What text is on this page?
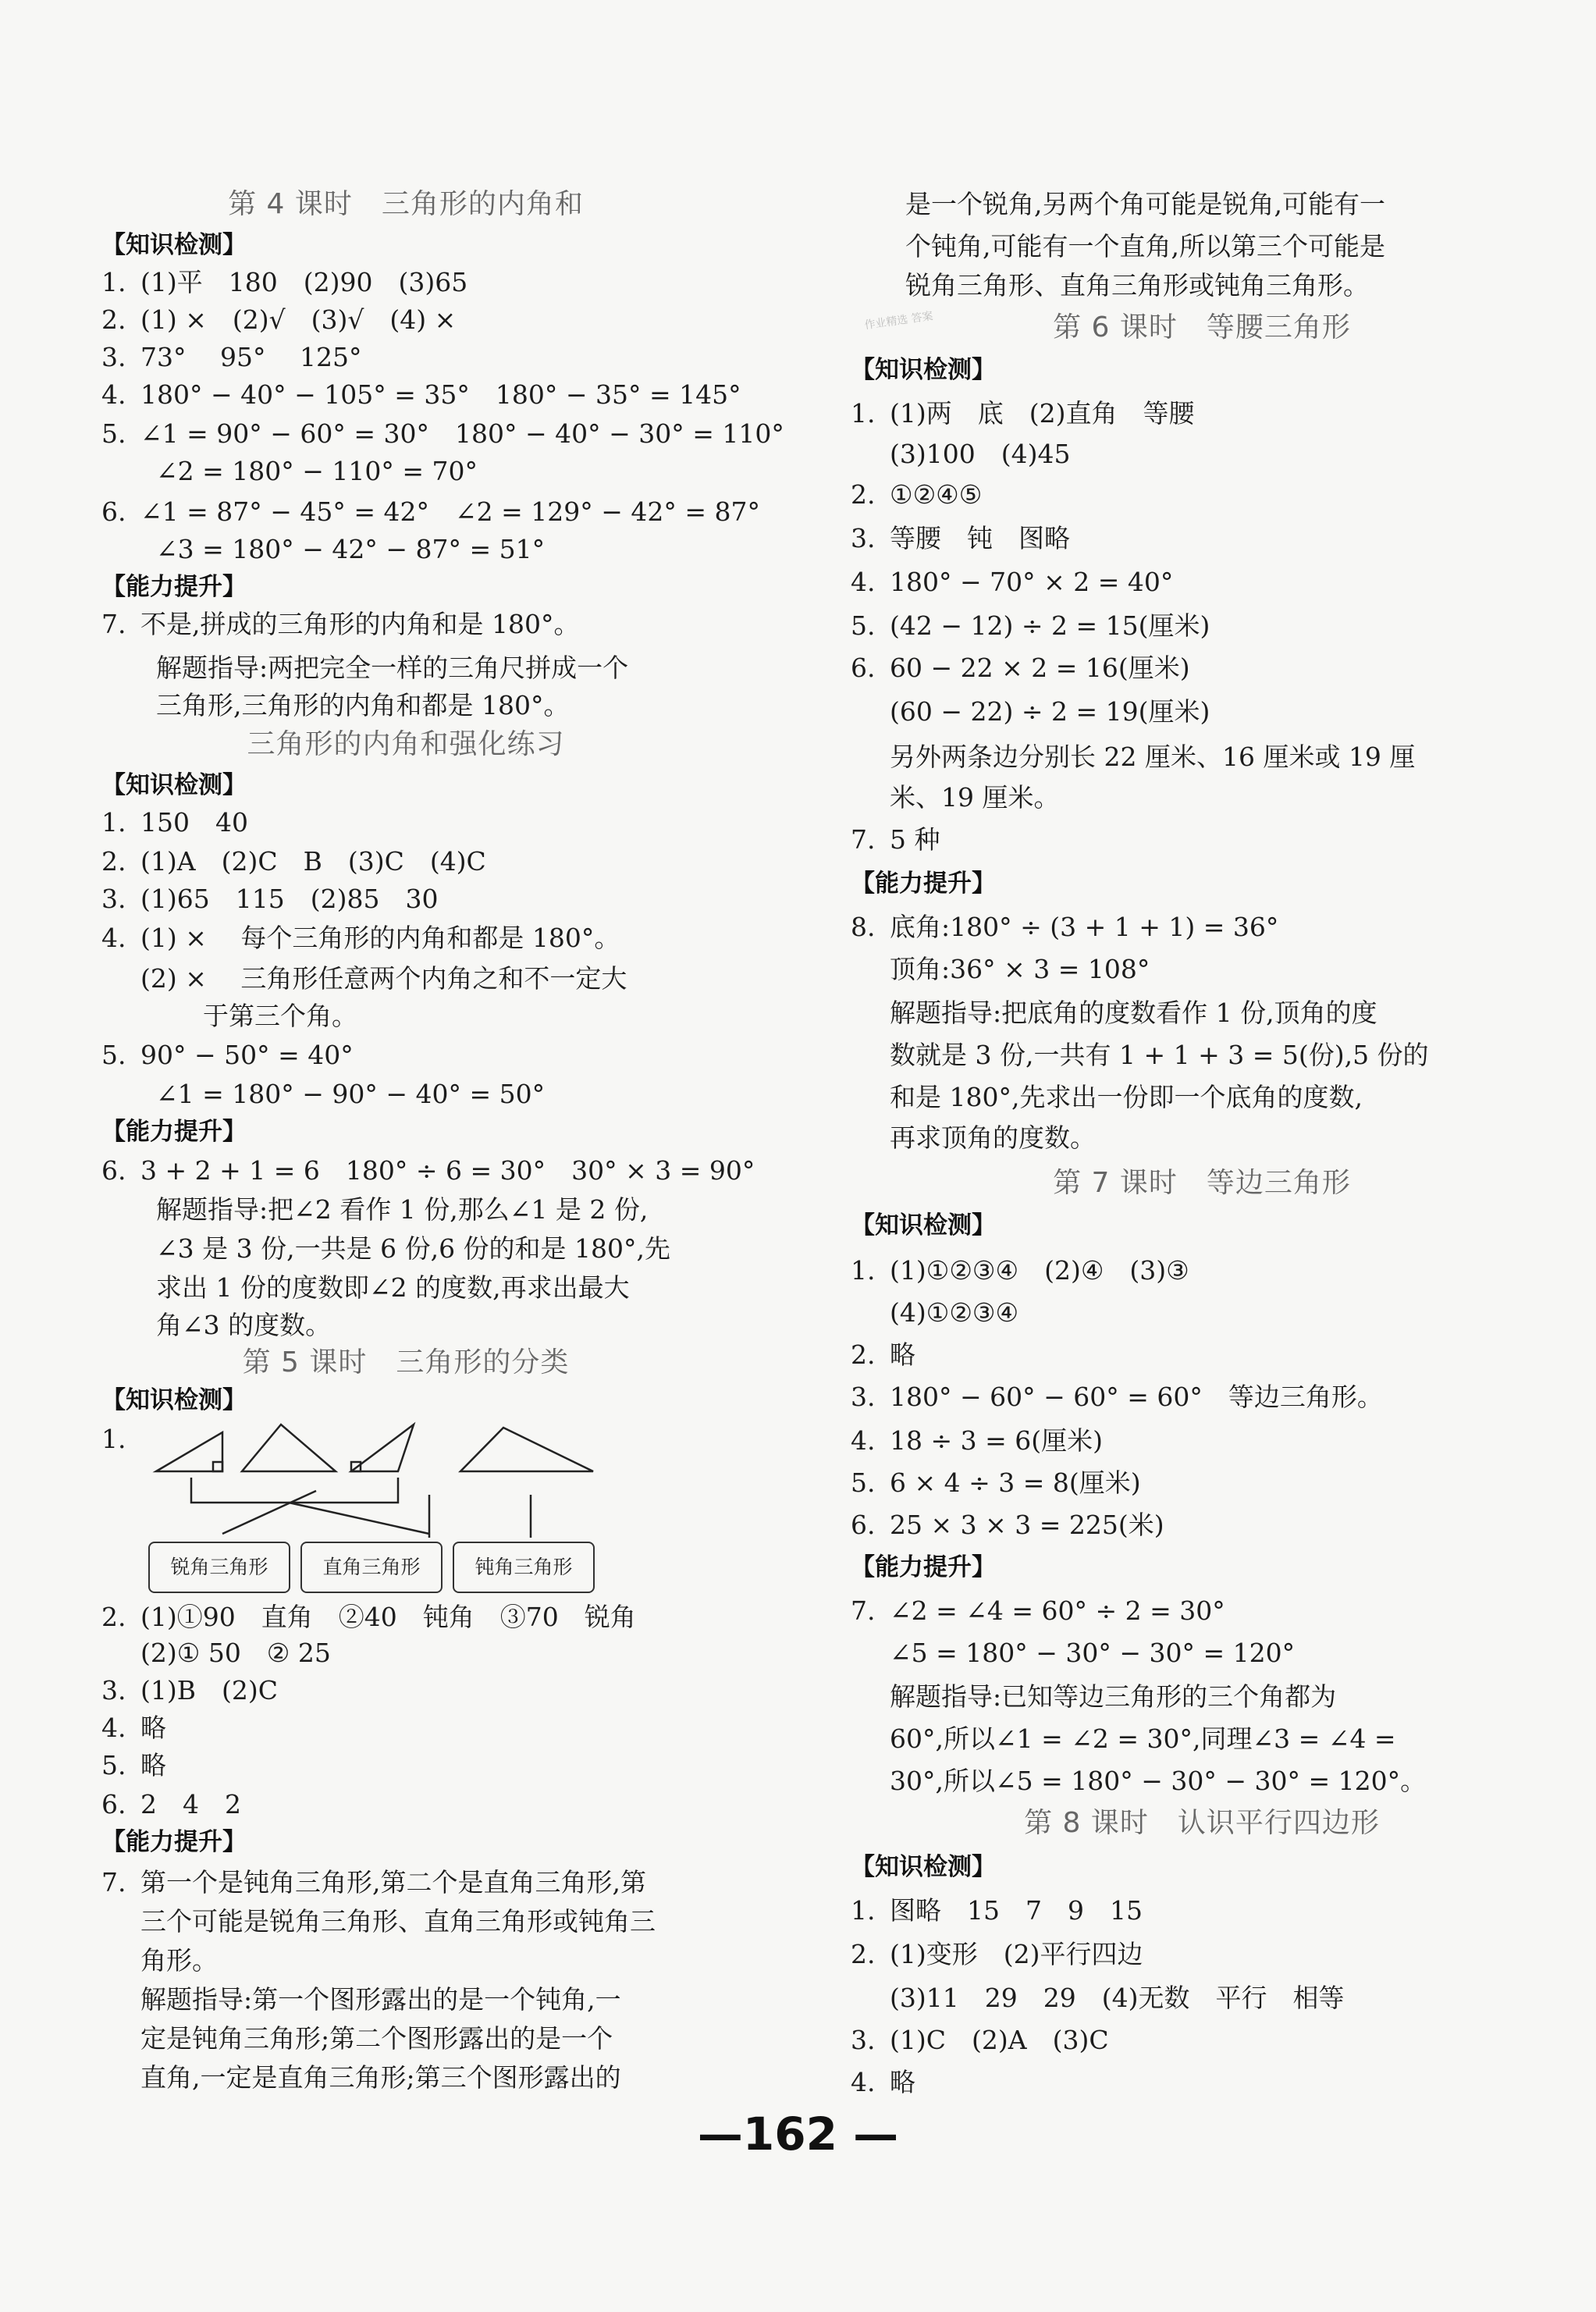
第 4 课时　三角形的内角和
【知识检测】
1. (1)平　180　(2)90　(3)65
2. (1) ×　(2)√　(3)√　(4) ×
3. 73°　 95°　 125°
4. 180° − 40° − 105° = 35°　180° − 35° = 145°
5. ∠1 = 90° − 60° = 30°　180° − 40° − 30° = 110°
∠2 = 180° − 110° = 70°
6. ∠1 = 87° − 45° = 42°　∠2 = 129° − 42° = 87°
∠3 = 180° − 42° − 87° = 51°
【能力提升】
7. 不是,拼成的三角形的内角和是 180°。
解题指导:两把完全一样的三角尺拼成一个
三角形,三角形的内角和都是 180°。
三角形的内角和强化练习
【知识检测】
1. 150　40
2. (1)A　(2)C　B　(3)C　(4)C
3. (1)65　115　(2)85　30
4. (1) ×　 每个三角形的内角和都是 180°。
(2) ×　 三角形任意两个内角之和不一定大
于第三个角。
5. 90° − 50° = 40°
∠1 = 180° − 90° − 40° = 50°
【能力提升】
6. 3 + 2 + 1 = 6　180° ÷ 6 = 30°　30° × 3 = 90°
解题指导:把∠2 看作 1 份,那么∠1 是 2 份,
∠3 是 3 份,一共是 6 份,6 份的和是 180°,先
求出 1 份的度数即∠2 的度数,再求出最大
角∠3 的度数。
第 5 课时　三角形的分类
【知识检测】
1.
锐角三角形	直角三角形	钝角三角形
2. (1)①90　直角　②40　钝角　③70　锐角
(2)① 50　② 25
3. (1)B　(2)C
4. 略
5. 略
6. 2　4　2
【能力提升】
7. 第一个是钝角三角形,第二个是直角三角形,第
三个可能是锐角三角形、直角三角形或钝角三
角形。
解题指导:第一个图形露出的是一个钝角,一
定是钝角三角形;第二个图形露出的是一个
直角,一定是直角三角形;第三个图形露出的
是一个锐角,另两个角可能是锐角,可能有一
个钝角,可能有一个直角,所以第三个可能是
锐角三角形、直角三角形或钝角三角形。
第 6 课时　等腰三角形
【知识检测】
1. (1)两　底　(2)直角　等腰
(3)100　(4)45
2. ①②④⑤
3. 等腰　钝　图略
4. 180° − 70° × 2 = 40°
5. (42 − 12) ÷ 2 = 15(厘米)
6. 60 − 22 × 2 = 16(厘米)
(60 − 22) ÷ 2 = 19(厘米)
另外两条边分别长 22 厘米、16 厘米或 19 厘
米、19 厘米。
7. 5 种
【能力提升】
8. 底角:180° ÷ (3 + 1 + 1) = 36°
顶角:36° × 3 = 108°
解题指导:把底角的度数看作 1 份,顶角的度
数就是 3 份,一共有 1 + 1 + 3 = 5(份),5 份的
和是 180°,先求出一份即一个底角的度数,
再求顶角的度数。
第 7 课时　等边三角形
【知识检测】
1. (1)①②③④　(2)④　(3)③
(4)①②③④
2. 略
3. 180° − 60° − 60° = 60°　等边三角形。
4. 18 ÷ 3 = 6(厘米)
5. 6 × 4 ÷ 3 = 8(厘米)
6. 25 × 3 × 3 = 225(米)
【能力提升】
7. ∠2 = ∠4 = 60° ÷ 2 = 30°
∠5 = 180° − 30° − 30° = 120°
解题指导:已知等边三角形的三个角都为
60°,所以∠1 = ∠2 = 30°,同理∠3 = ∠4 =
30°,所以∠5 = 180° − 30° − 30° = 120°。
第 8 课时　认识平行四边形
【知识检测】
1. 图略　15　7　9　15
2. (1)变形　(2)平行四边
(3)11　29　29　(4)无数　平行　相等
3. (1)C　(2)A　(3)C
4. 略
作业精选 答案
—162 —
